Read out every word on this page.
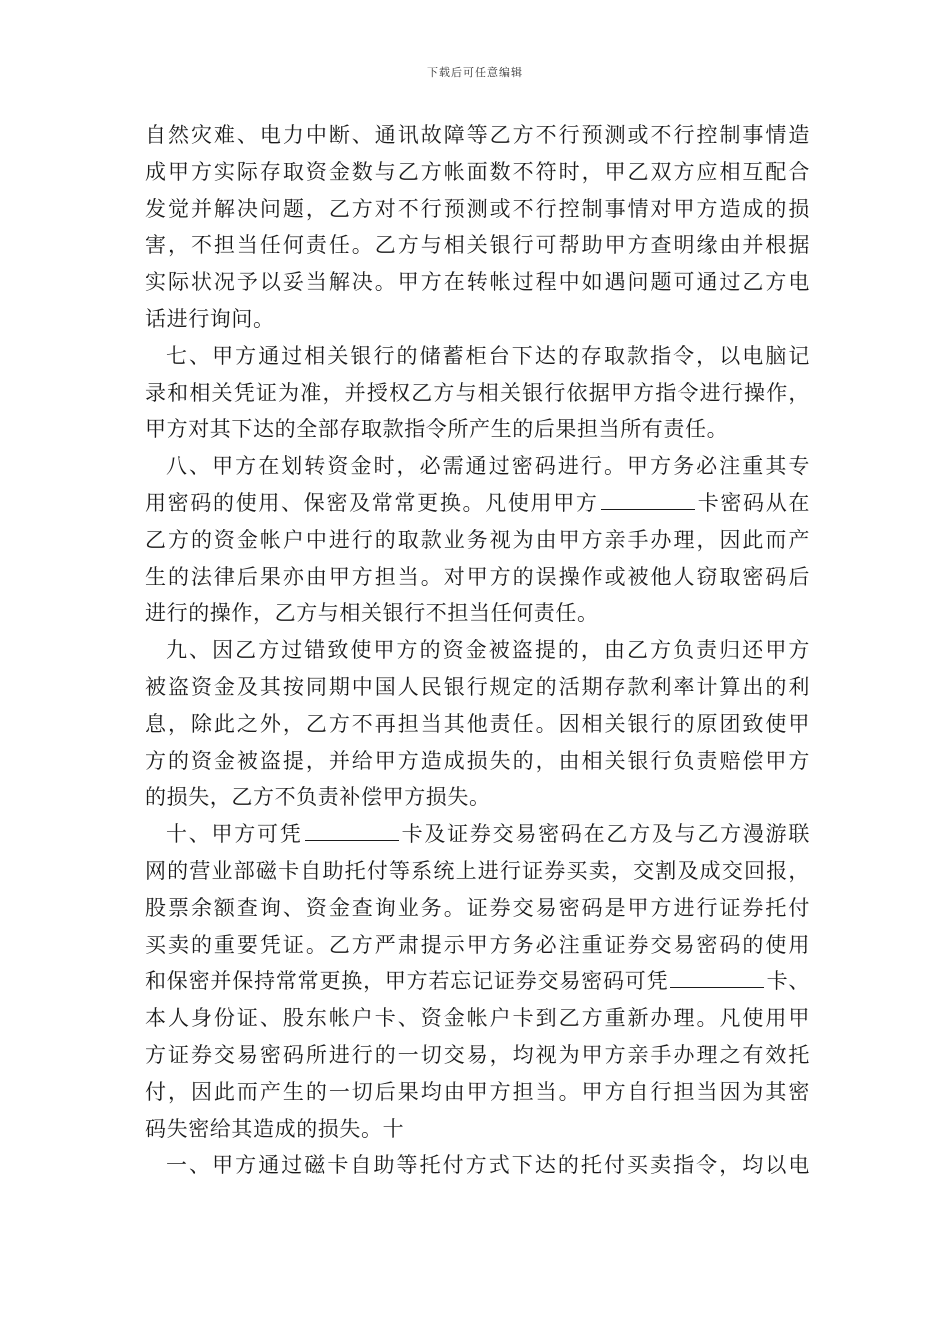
下载后可任意编辑
自然灾难、电力中断、通讯故障等乙方不行预测或不行控制事情造
成甲方实际存取资金数与乙方帐面数不符时，甲乙双方应相互配合
发觉并解决问题，乙方对不行预测或不行控制事情对甲方造成的损
害，不担当任何责任。乙方与相关银行可帮助甲方查明缘由并根据
实际状况予以妥当解决。甲方在转帐过程中如遇问题可通过乙方电
话进行询问。
七、甲方通过相关银行的储蓄柜台下达的存取款指令，以电脑记
录和相关凭证为准，并授权乙方与相关银行依据甲方指令进行操作，
甲方对其下达的全部存取款指令所产生的后果担当所有责任。
八、甲方在划转资金时，必需通过密码进行。甲方务必注重其专
用密码的使用、保密及常常更换。凡使用甲方	卡密码从在
乙方的资金帐户中进行的取款业务视为由甲方亲手办理，因此而产
生的法律后果亦由甲方担当。对甲方的误操作或被他人窃取密码后
进行的操作，乙方与相关银行不担当任何责任。
九、因乙方过错致使甲方的资金被盗提的，由乙方负责归还甲方
被盗资金及其按同期中国人民银行规定的活期存款利率计算出的利
息，除此之外，乙方不再担当其他责任。因相关银行的原团致使甲
方的资金被盗提，并给甲方造成损失的，由相关银行负责赔偿甲方
的损失，乙方不负责补偿甲方损失。
十、甲方可凭	卡及证券交易密码在乙方及与乙方漫游联
网的营业部磁卡自助托付等系统上进行证券买卖，交割及成交回报，
股票余额查询、资金查询业务。证券交易密码是甲方进行证券托付
买卖的重要凭证。乙方严肃提示甲方务必注重证券交易密码的使用
和保密并保持常常更换，甲方若忘记证券交易密码可凭	卡、
本人身份证、股东帐户卡、资金帐户卡到乙方重新办理。凡使用甲
方证券交易密码所进行的一切交易，均视为甲方亲手办理之有效托
付，因此而产生的一切后果均由甲方担当。甲方自行担当因为其密
码失密给其造成的损失。十
一、甲方通过磁卡自助等托付方式下达的托付买卖指令，均以电
